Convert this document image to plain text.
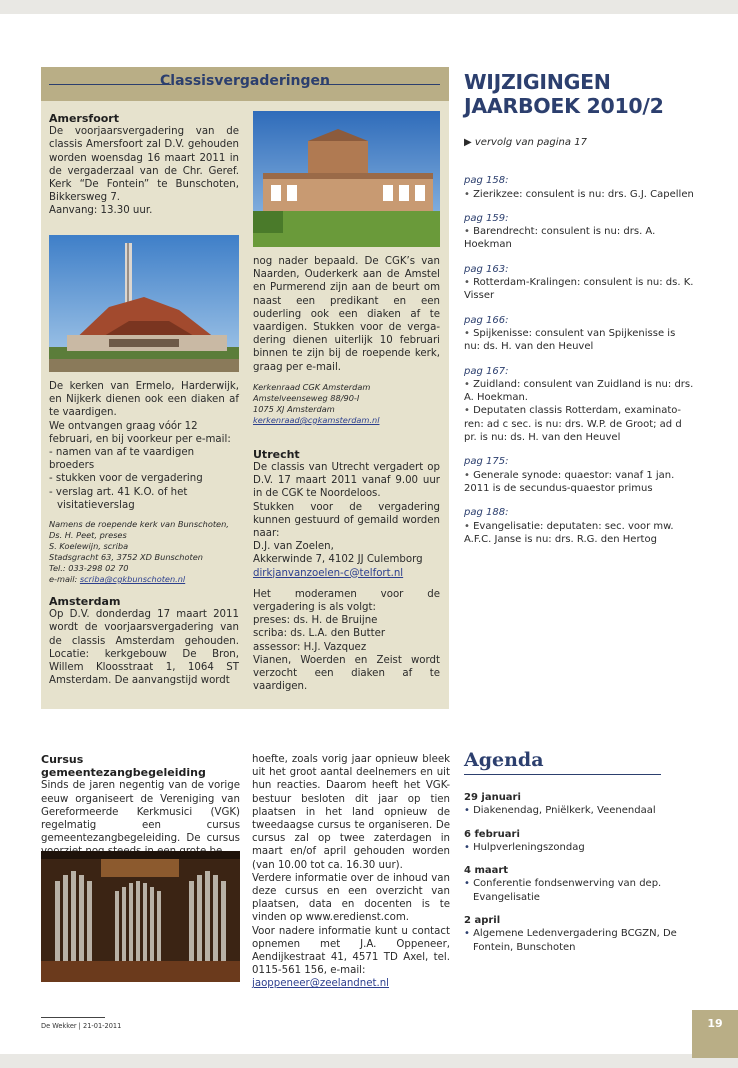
Classisvergaderingen

Amersfoort

De voorjaarsvergadering van de classis Amersfoort zal D.V. gehouden worden woensdag 16 maart 2011 in de vergaderzaal van de Chr. Geref. Kerk “De Fontein” te Bunschoten, Bikkersweg 7.

Aanvang: 13.30 uur.

De kerken van Ermelo, Harderwijk, en Nijkerk dienen ook een diaken af te vaardigen.

We ontvangen graag vóór 12 februari, en bij voorkeur per e-mail:

- namen van af te vaardigen broeders

- stukken voor de vergadering

- verslag art. 41 K.O. of het visitatieverslag

Namens de roepende kerk van Bunschoten,

Ds. H. Peet, preses

S. Koelewijn, scriba

Stadsgracht 63, 3752 XD Bunschoten

Tel.: 033-298 02 70

e-mail: scriba@cgkbunschoten.nl

Amsterdam

Op D.V. donderdag 17 maart 2011 wordt de voorjaarsvergadering van de classis Amsterdam gehouden. Locatie: kerkgebouw De Bron, Willem Kloosstraat 1, 1064 ST Amsterdam. De aanvangstijd wordt

nog nader bepaald. De CGK’s van Naarden, Ouderkerk aan de Amstel en Purmerend zijn aan de beurt om naast een predikant en een ouderling ook een diaken af te vaardigen. Stukken voor de vergadering dienen uiterlijk 10 februari binnen te zijn bij de roepende kerk, graag per e-mail.

Kerkenraad CGK Amsterdam

Amstelveenseweg 88/90-I

1075 XJ Amsterdam

kerkenraad@cgkamsterdam.nl

Utrecht

De classis van Utrecht vergadert op D.V. 17 maart 2011 vanaf 9.00 uur in de CGK te Noordeloos.

Stukken voor de vergadering kunnen gestuurd of gemaild worden naar:

D.J. van Zoelen,

Akkerwinde 7, 4102 JJ Culemborg

dirkjanvanzoelen-c@telfort.nl

Het moderamen voor de vergadering is als volgt:

preses: ds. H. de Bruijne

scriba: ds. L.A. den Butter

assessor: H.J. Vazquez

Vianen, Woerden en Zeist wordt verzocht een diaken af te vaardigen.

WIJZIGINGEN
JAARBOEK 2010/2

▶ vervolg van pagina 17

pag 158:

• Zierikzee: consulent is nu: drs. G.J. Capellen

pag 159:

• Barendrecht: consulent is nu: drs. A. Hoekman

pag 163:

• Rotterdam-Kralingen: consulent is nu: ds. K. Visser

pag 166:

• Spijkenisse: consulent van Spijkenisse is nu: ds. H. van den Heuvel

pag 167:

• Zuidland: consulent van Zuidland is nu: drs. A. Hoekman.

• Deputaten classis Rotterdam, examinatoren: ad c sec. is nu: drs. W.P. de Groot; ad d pr. is nu: ds. H. van den Heuvel

pag 175:

• Generale synode: quaestor: vanaf 1 jan. 2011 is de secundus-quaestor primus

pag 188:

• Evangelisatie: deputaten: sec. voor mw. A.F.C. Janse is nu: drs. R.G. den Hertog

Cursus gemeentezangbegeleiding

Sinds de jaren negentig van de vorige eeuw organiseert de Vereniging van Gereformeerde Kerkmusici (VGK) regelmatig een cursus gemeentezangbegeleiding. De cursus

hoefte, zoals vorig jaar opnieuw bleek uit het groot aantal deelnemers en uit hun reacties. Daarom heeft het VGK-bestuur besloten dit jaar op tien plaatsen in het land opnieuw de tweedaagse cursus te organiseren. De cursus zal op twee zaterdagen in maart en/of april gehouden worden (van 10.00 tot ca. 16.30 uur).

Verdere informatie over de inhoud van deze cursus en een overzicht van plaatsen, data en docenten is te vinden op www.eredienst.com.

Voor nadere informatie kunt u contact opnemen met J.A. Oppeneer, Aendijkestraat 41, 4571 TD Axel, tel. 0115-561 156, e-mail:

jaoppeneer@zeelandnet.nl

Agenda

29 januari

• Diakenendag, Pniëlkerk, Veenendaal

6 februari

• Hulpverleningszondag

4 maart

• Conferentie fondsenwerving van dep. Evangelisatie

2 april

• Algemene Ledenvergadering BCGZN, De Fontein, Bunschoten

De Wekker | 21-01-2011	19
